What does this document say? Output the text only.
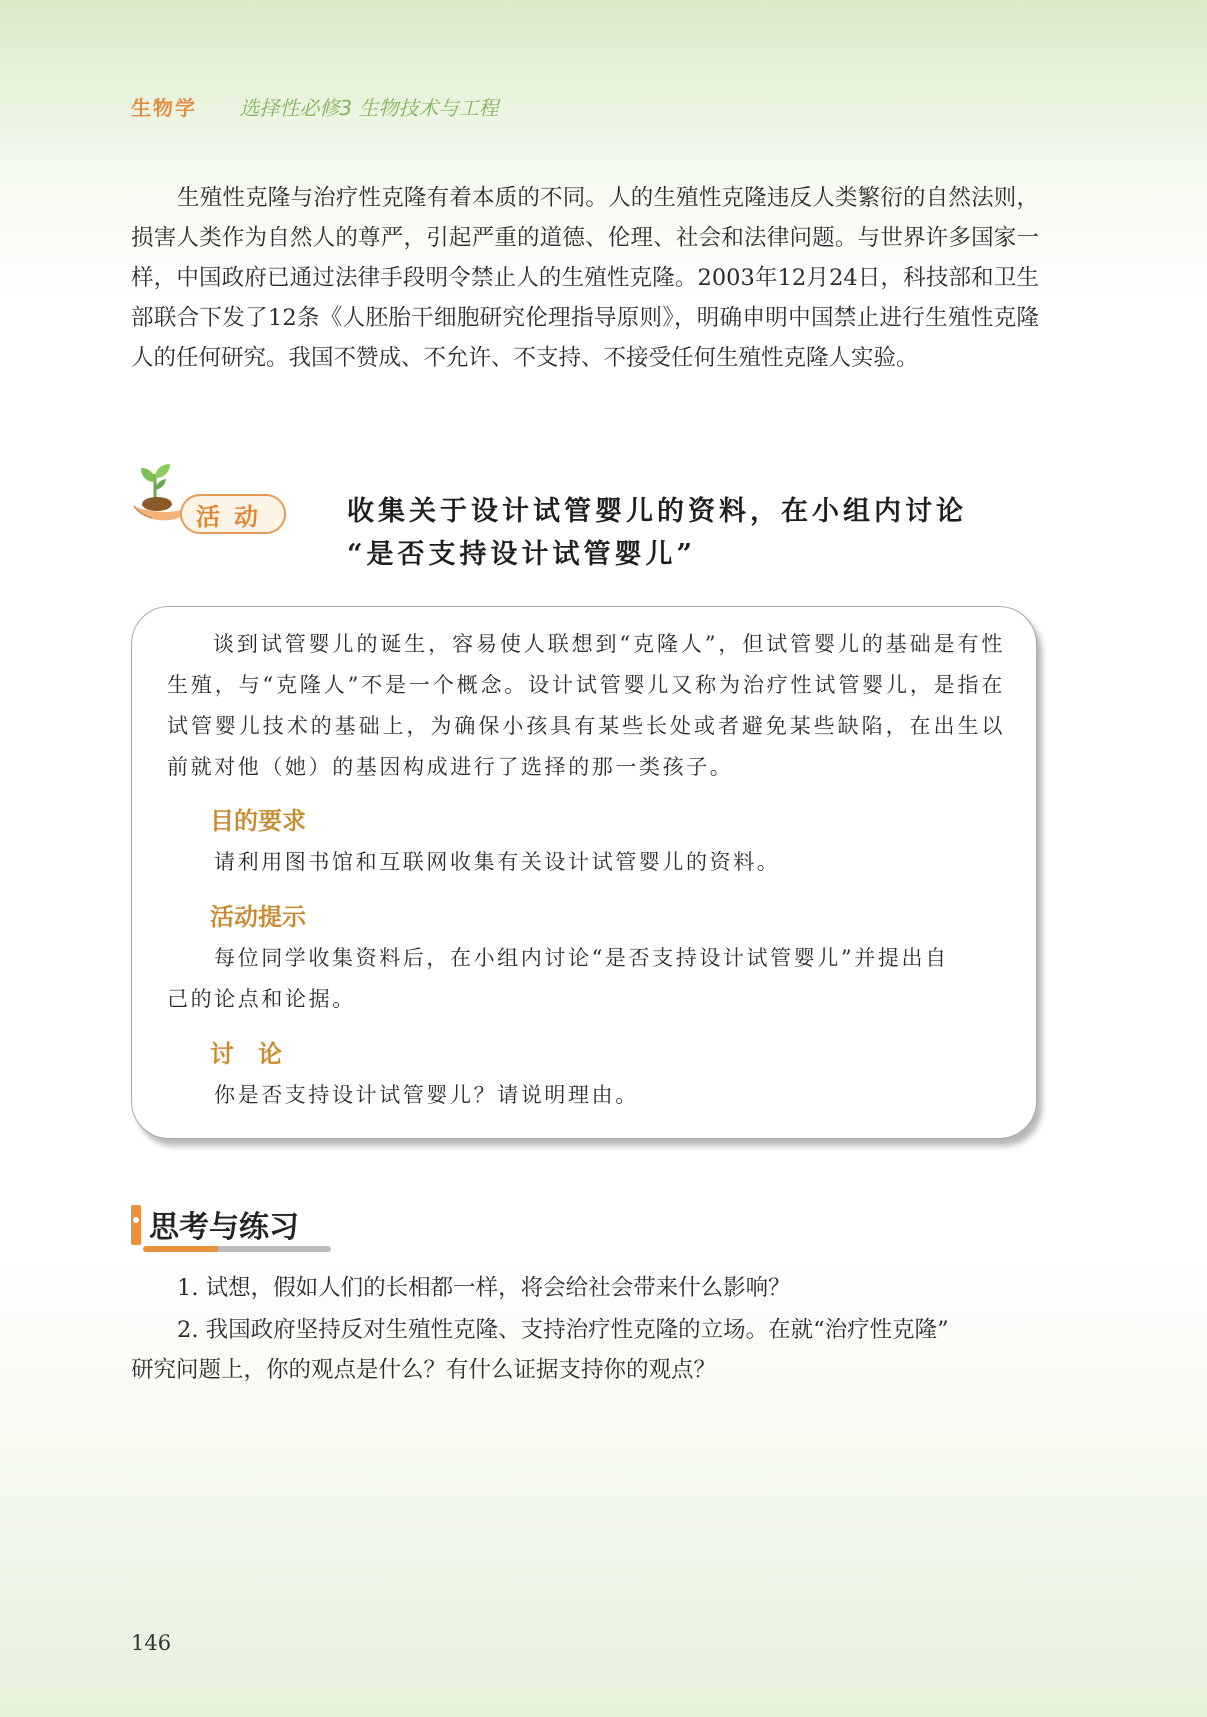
生物学 选择性必修3 生物技术与工程

生殖性克隆与治疗性克隆有着本质的不同。人的生殖性克隆违反人类繁衍的自然法则，损害人类作为自然人的尊严，引起严重的道德、伦理、社会和法律问题。与世界许多国家一样，中国政府已通过法律手段明令禁止人的生殖性克隆。2003年12月24日，科技部和卫生部联合下发了12条《人胚胎干细胞研究伦理指导原则》，明确申明中国禁止进行生殖性克隆人的任何研究。我国不赞成、不允许、不支持、不接受任何生殖性克隆人实验。

活动	收集关于设计试管婴儿的资料，在小组内讨论
“是否支持设计试管婴儿”

谈到试管婴儿的诞生，容易使人联想到“克隆人”，但试管婴儿的基础是有性生殖，与“克隆人”不是一个概念。设计试管婴儿又称为治疗性试管婴儿，是指在试管婴儿技术的基础上，为确保小孩具有某些长处或者避免某些缺陷，在出生以前就对他（她）的基因构成进行了选择的那一类孩子。

目的要求

请利用图书馆和互联网收集有关设计试管婴儿的资料。

活动提示

每位同学收集资料后，在小组内讨论“是否支持设计试管婴儿”并提出自

己的论点和论据。

讨　论

你是否支持设计试管婴儿？请说明理由。

思考与练习

1. 试想，假如人们的长相都一样，将会给社会带来什么影响？

2. 我国政府坚持反对生殖性克隆、支持治疗性克隆的立场。在就“治疗性克隆”

研究问题上，你的观点是什么？有什么证据支持你的观点？

146
